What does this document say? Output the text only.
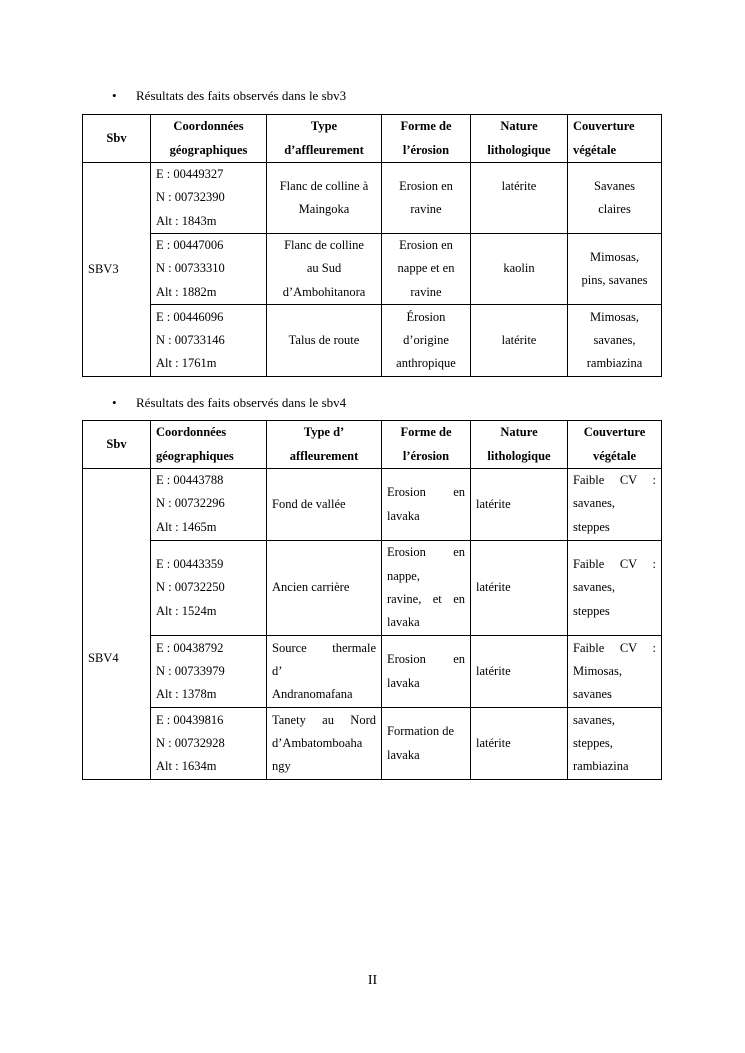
• Résultats des faits observés dans le sbv3
Sbv	Coordonnées géographiques	Type d’affleurement	Forme de l’érosion	Nature lithologique	Couverture végétale
SBV3	E : 00449327
N : 00732390
Alt : 1843m	Flanc de colline à
Maingoka	Erosion en
ravine	latérite	Savanes
claires

	E : 00447006
N : 00733310
Alt : 1882m	Flanc de colline
au Sud
d’Ambohitanora	Erosion en
nappe et en
ravine	kaolin	Mimosas,
pins, savanes

	E : 00446096
N : 00733146
Alt : 1761m	Talus de route	Érosion
d’origine
anthropique	latérite	Mimosas,
savanes,
rambiazina
• Résultats des faits observés dans le sbv4
Sbv	Coordonnées géographiques	Type d’ affleurement	Forme de l’érosion	Nature lithologique	Couverture végétale
SBV4	E : 00443788
N : 00732296
Alt : 1465m	Fond de vallée	Erosion en
lavaka	latérite	Faible CV :
savanes,
steppes

	E : 00443359
N : 00732250
Alt : 1524m	Ancien carrière	Erosion en
nappe,
ravine, et en
lavaka	latérite	Faible CV :
savanes,
steppes

	E : 00438792
N : 00733979
Alt : 1378m	Source thermale
d’
Andranomafana	Erosion en
lavaka	latérite	Faible CV :
Mimosas,
savanes

	E : 00439816
N : 00732928
Alt : 1634m	Tanety au Nord
d’Ambatomboaha
ngy	Formation de
lavaka	latérite	savanes,
steppes,
rambiazina
II
